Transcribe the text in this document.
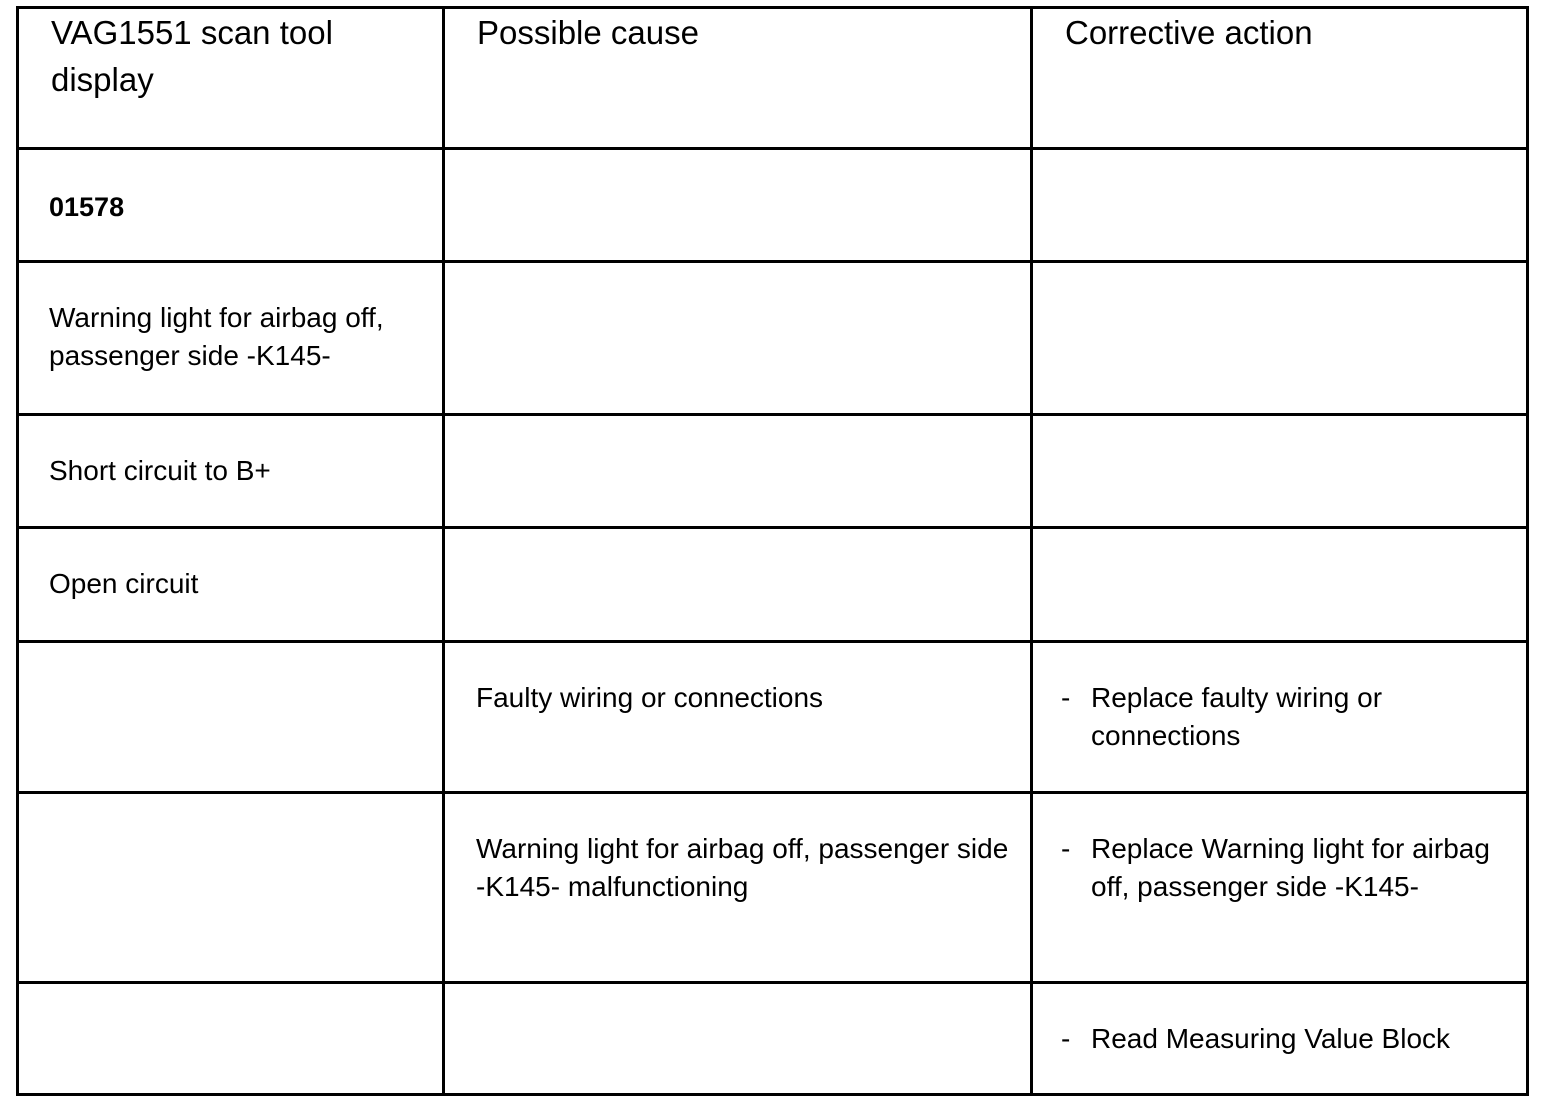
VAG1551 scan tool display	Possible cause	Corrective action

01578		

Warning light for airbag off, passenger side -K145-		

Short circuit to B+		

Open circuit		

	Faulty wiring or connections	- Replace faulty wiring or connections

	Warning light for airbag off, passenger side -K145- malfunctioning	- Replace Warning light for airbag off, passenger side -K145-

		- Read Measuring Value Block
